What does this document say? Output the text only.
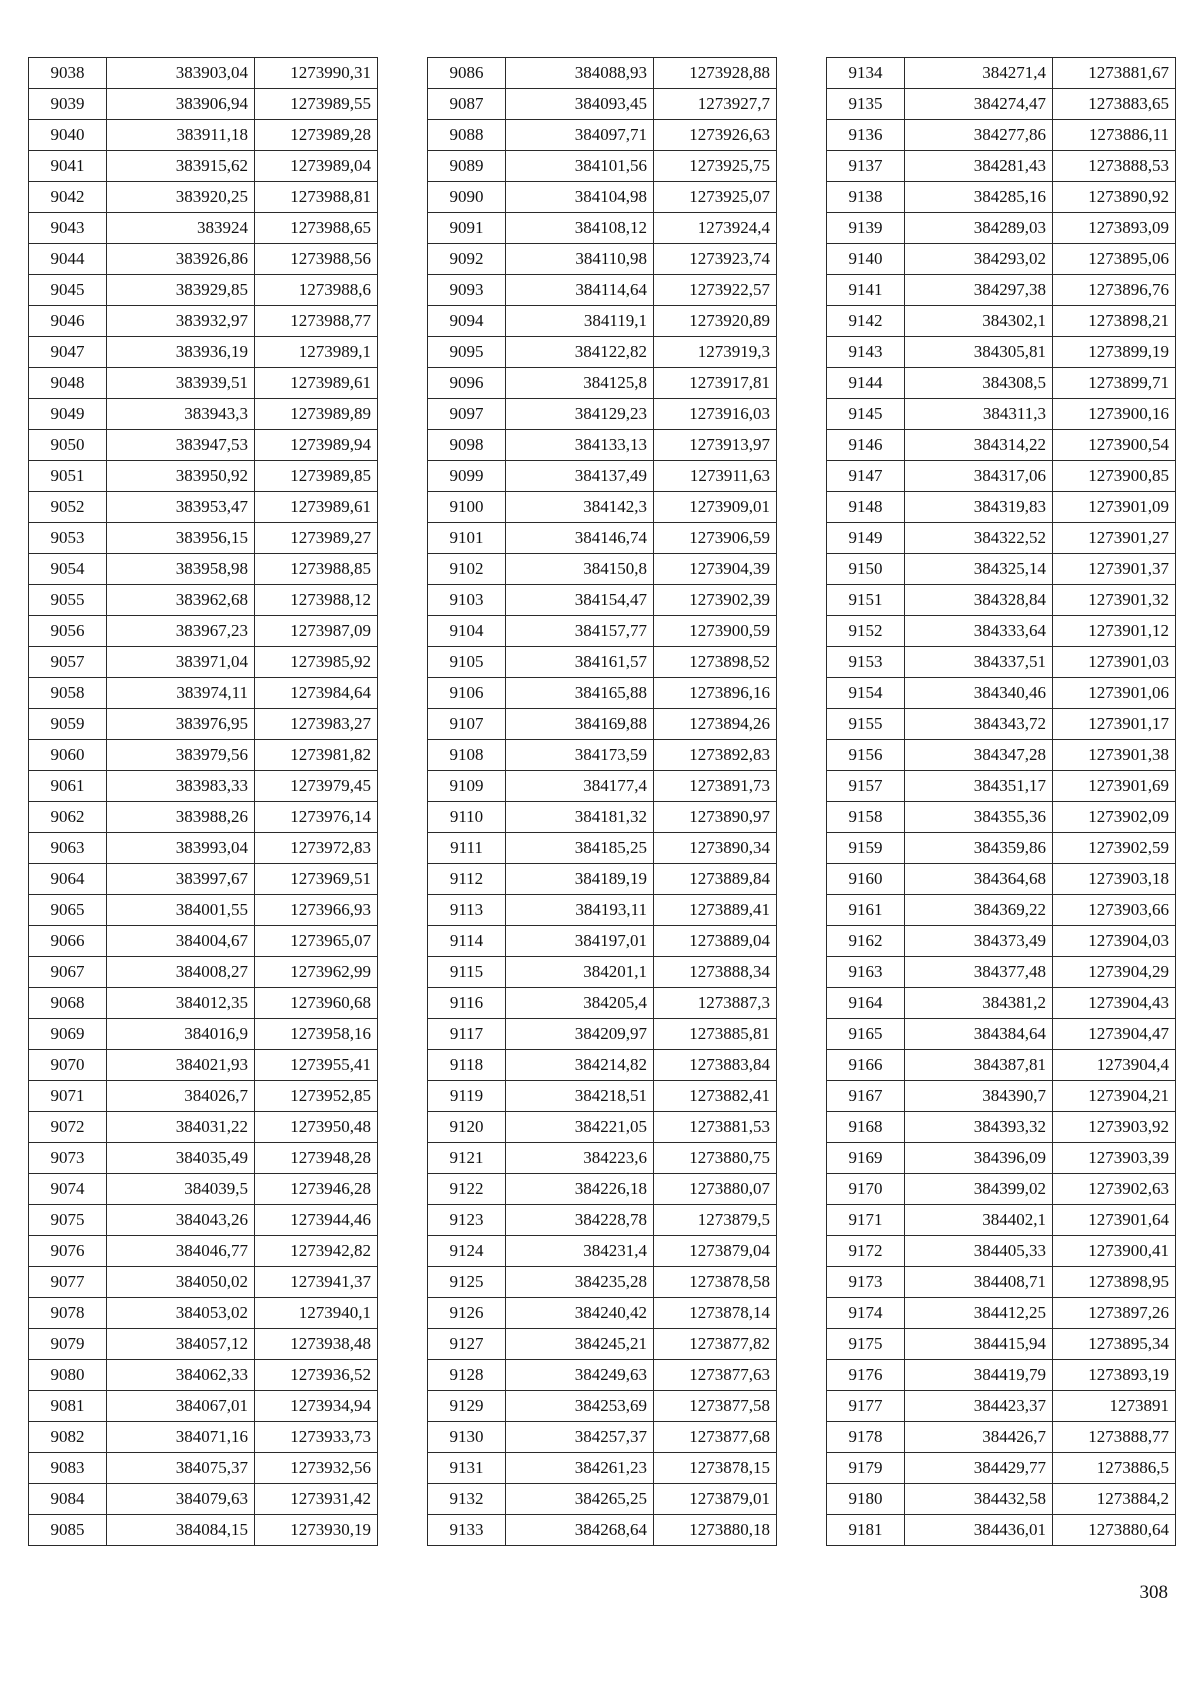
9038	383903,04	1273990,31
9039	383906,94	1273989,55
9040	383911,18	1273989,28
9041	383915,62	1273989,04
9042	383920,25	1273988,81
9043	383924	1273988,65
9044	383926,86	1273988,56
9045	383929,85	1273988,6
9046	383932,97	1273988,77
9047	383936,19	1273989,1
9048	383939,51	1273989,61
9049	383943,3	1273989,89
9050	383947,53	1273989,94
9051	383950,92	1273989,85
9052	383953,47	1273989,61
9053	383956,15	1273989,27
9054	383958,98	1273988,85
9055	383962,68	1273988,12
9056	383967,23	1273987,09
9057	383971,04	1273985,92
9058	383974,11	1273984,64
9059	383976,95	1273983,27
9060	383979,56	1273981,82
9061	383983,33	1273979,45
9062	383988,26	1273976,14
9063	383993,04	1273972,83
9064	383997,67	1273969,51
9065	384001,55	1273966,93
9066	384004,67	1273965,07
9067	384008,27	1273962,99
9068	384012,35	1273960,68
9069	384016,9	1273958,16
9070	384021,93	1273955,41
9071	384026,7	1273952,85
9072	384031,22	1273950,48
9073	384035,49	1273948,28
9074	384039,5	1273946,28
9075	384043,26	1273944,46
9076	384046,77	1273942,82
9077	384050,02	1273941,37
9078	384053,02	1273940,1
9079	384057,12	1273938,48
9080	384062,33	1273936,52
9081	384067,01	1273934,94
9082	384071,16	1273933,73
9083	384075,37	1273932,56
9084	384079,63	1273931,42
9085	384084,15	1273930,19
9086	384088,93	1273928,88
9087	384093,45	1273927,7
9088	384097,71	1273926,63
9089	384101,56	1273925,75
9090	384104,98	1273925,07
9091	384108,12	1273924,4
9092	384110,98	1273923,74
9093	384114,64	1273922,57
9094	384119,1	1273920,89
9095	384122,82	1273919,3
9096	384125,8	1273917,81
9097	384129,23	1273916,03
9098	384133,13	1273913,97
9099	384137,49	1273911,63
9100	384142,3	1273909,01
9101	384146,74	1273906,59
9102	384150,8	1273904,39
9103	384154,47	1273902,39
9104	384157,77	1273900,59
9105	384161,57	1273898,52
9106	384165,88	1273896,16
9107	384169,88	1273894,26
9108	384173,59	1273892,83
9109	384177,4	1273891,73
9110	384181,32	1273890,97
9111	384185,25	1273890,34
9112	384189,19	1273889,84
9113	384193,11	1273889,41
9114	384197,01	1273889,04
9115	384201,1	1273888,34
9116	384205,4	1273887,3
9117	384209,97	1273885,81
9118	384214,82	1273883,84
9119	384218,51	1273882,41
9120	384221,05	1273881,53
9121	384223,6	1273880,75
9122	384226,18	1273880,07
9123	384228,78	1273879,5
9124	384231,4	1273879,04
9125	384235,28	1273878,58
9126	384240,42	1273878,14
9127	384245,21	1273877,82
9128	384249,63	1273877,63
9129	384253,69	1273877,58
9130	384257,37	1273877,68
9131	384261,23	1273878,15
9132	384265,25	1273879,01
9133	384268,64	1273880,18
9134	384271,4	1273881,67
9135	384274,47	1273883,65
9136	384277,86	1273886,11
9137	384281,43	1273888,53
9138	384285,16	1273890,92
9139	384289,03	1273893,09
9140	384293,02	1273895,06
9141	384297,38	1273896,76
9142	384302,1	1273898,21
9143	384305,81	1273899,19
9144	384308,5	1273899,71
9145	384311,3	1273900,16
9146	384314,22	1273900,54
9147	384317,06	1273900,85
9148	384319,83	1273901,09
9149	384322,52	1273901,27
9150	384325,14	1273901,37
9151	384328,84	1273901,32
9152	384333,64	1273901,12
9153	384337,51	1273901,03
9154	384340,46	1273901,06
9155	384343,72	1273901,17
9156	384347,28	1273901,38
9157	384351,17	1273901,69
9158	384355,36	1273902,09
9159	384359,86	1273902,59
9160	384364,68	1273903,18
9161	384369,22	1273903,66
9162	384373,49	1273904,03
9163	384377,48	1273904,29
9164	384381,2	1273904,43
9165	384384,64	1273904,47
9166	384387,81	1273904,4
9167	384390,7	1273904,21
9168	384393,32	1273903,92
9169	384396,09	1273903,39
9170	384399,02	1273902,63
9171	384402,1	1273901,64
9172	384405,33	1273900,41
9173	384408,71	1273898,95
9174	384412,25	1273897,26
9175	384415,94	1273895,34
9176	384419,79	1273893,19
9177	384423,37	1273891
9178	384426,7	1273888,77
9179	384429,77	1273886,5
9180	384432,58	1273884,2
9181	384436,01	1273880,64
308
